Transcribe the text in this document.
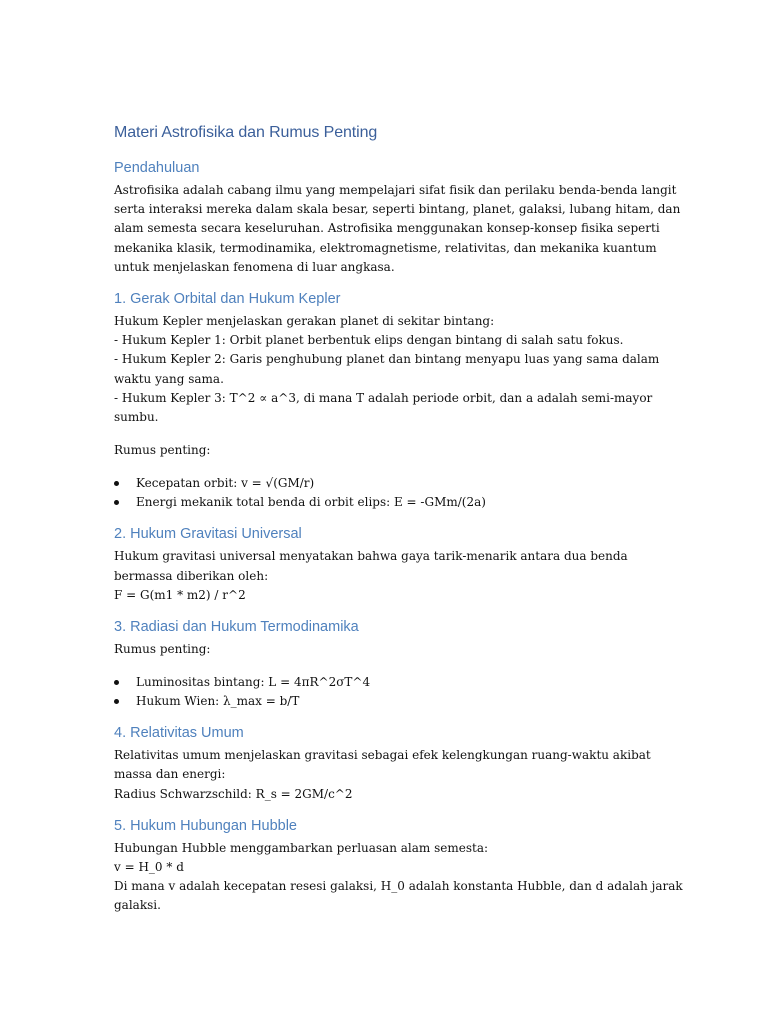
Materi Astrofisika dan Rumus Penting
Pendahuluan

Astrofisika adalah cabang ilmu yang mempelajari sifat fisik dan perilaku benda-benda langit
serta interaksi mereka dalam skala besar, seperti bintang, planet, galaksi, lubang hitam, dan
alam semesta secara keseluruhan. Astrofisika menggunakan konsep-konsep fisika seperti
mekanika klasik, termodinamika, elektromagnetisme, relativitas, dan mekanika kuantum
untuk menjelaskan fenomena di luar angkasa.

1. Gerak Orbital dan Hukum Kepler

Hukum Kepler menjelaskan gerakan planet di sekitar bintang:
- Hukum Kepler 1: Orbit planet berbentuk elips dengan bintang di salah satu fokus.
- Hukum Kepler 2: Garis penghubung planet dan bintang menyapu luas yang sama dalam
waktu yang sama.
- Hukum Kepler 3: T^2 ∝ a^3, di mana T adalah periode orbit, dan a adalah semi-mayor
sumbu.

Rumus penting:

Kecepatan orbit: v = √(GM/r)
Energi mekanik total benda di orbit elips: E = -GMm/(2a)
2. Hukum Gravitasi Universal

Hukum gravitasi universal menyatakan bahwa gaya tarik-menarik antara dua benda
bermassa diberikan oleh:
F = G(m1 * m2) / r^2

3. Radiasi dan Hukum Termodinamika

Rumus penting:

Luminositas bintang: L = 4πR^2σT^4
Hukum Wien: λ_max = b/T
4. Relativitas Umum

Relativitas umum menjelaskan gravitasi sebagai efek kelengkungan ruang-waktu akibat
massa dan energi:
Radius Schwarzschild: R_s = 2GM/c^2

5. Hukum Hubungan Hubble

Hubungan Hubble menggambarkan perluasan alam semesta:
v = H_0 * d
Di mana v adalah kecepatan resesi galaksi, H_0 adalah konstanta Hubble, dan d adalah jarak
galaksi.
